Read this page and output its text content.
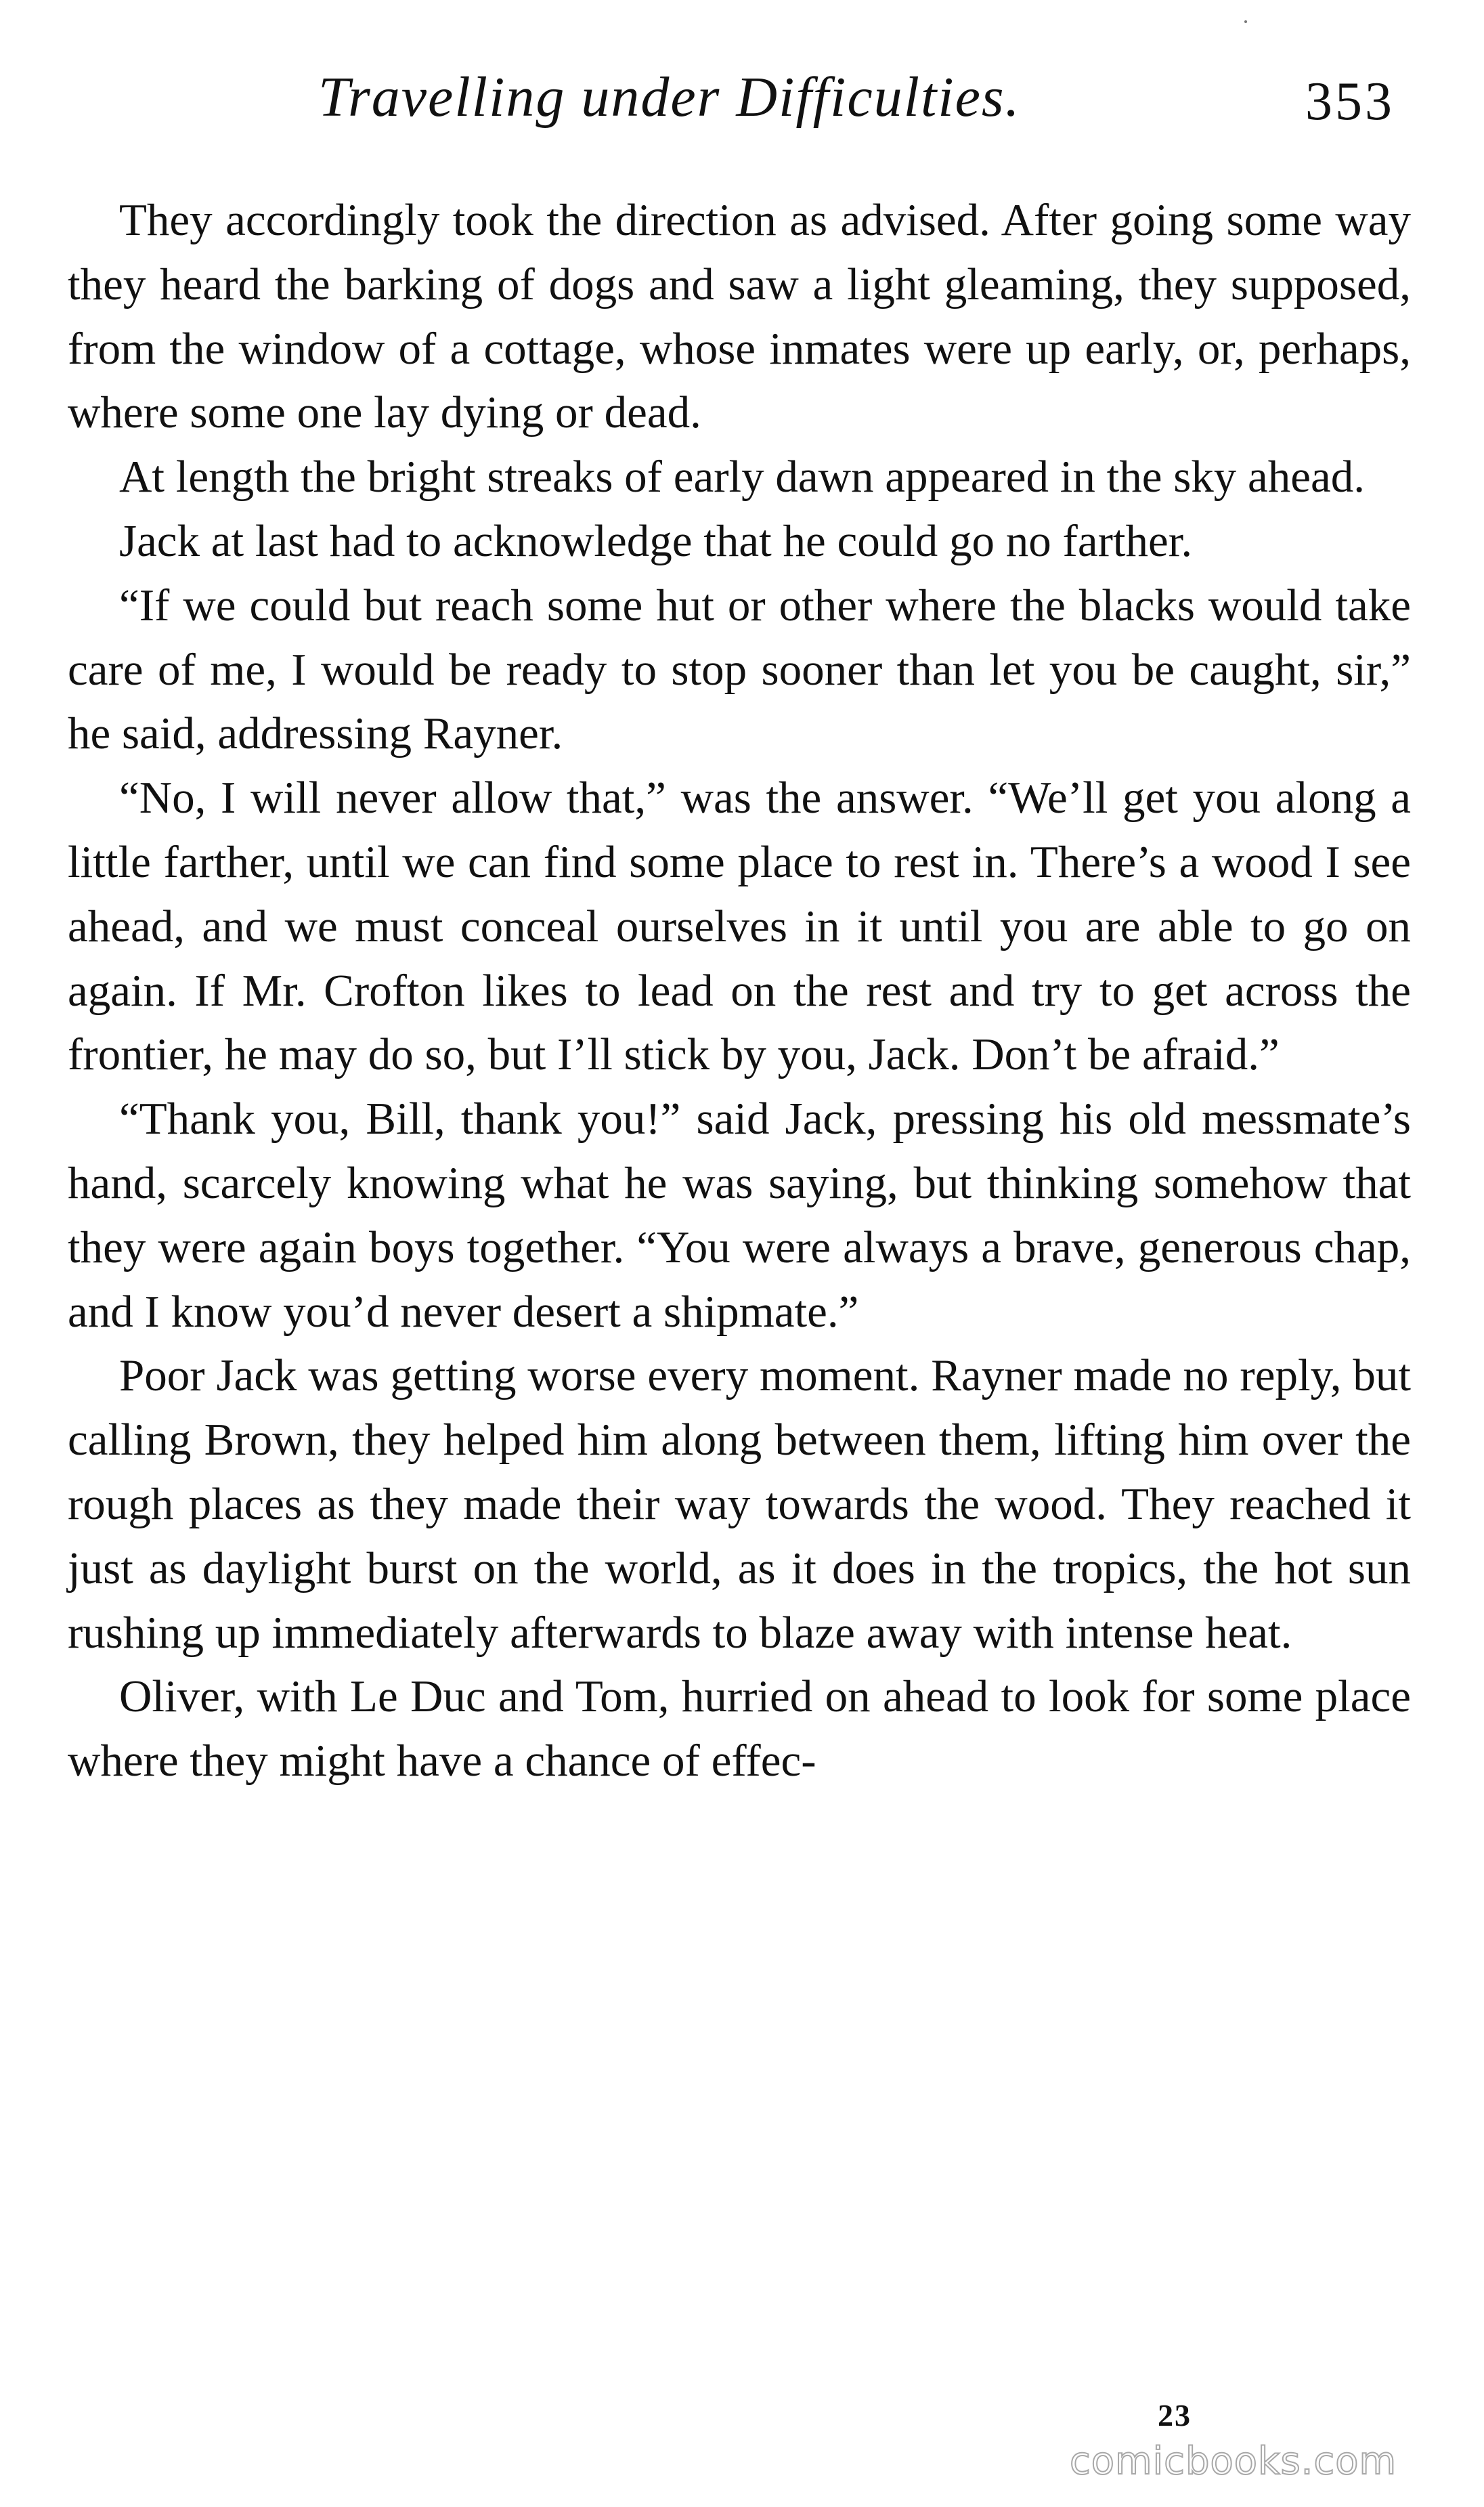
Travelling under Difficulties.	353

They accordingly took the direction as advised. After going some way they heard the barking of dogs and saw a light gleaming, they supposed, from the window of a cottage, whose inmates were up early, or, perhaps, where some one lay dying or dead.

At length the bright streaks of early dawn appeared in the sky ahead.

Jack at last had to acknowledge that he could go no farther.

“If we could but reach some hut or other where the blacks would take care of me, I would be ready to stop sooner than let you be caught, sir,” he said, addressing Rayner.

“No, I will never allow that,” was the answer. “We’ll get you along a little farther, until we can find some place to rest in. There’s a wood I see ahead, and we must conceal ourselves in it until you are able to go on again. If Mr. Crofton likes to lead on the rest and try to get across the frontier, he may do so, but I’ll stick by you, Jack. Don’t be afraid.”

“Thank you, Bill, thank you!” said Jack, pressing his old messmate’s hand, scarcely knowing what he was saying, but thinking somehow that they were again boys together. “You were always a brave, generous chap, and I know you’d never desert a shipmate.”

Poor Jack was getting worse every moment. Rayner made no reply, but calling Brown, they helped him along between them, lifting him over the rough places as they made their way towards the wood. They reached it just as daylight burst on the world, as it does in the tropics, the hot sun rushing up immediately afterwards to blaze away with intense heat.

Oliver, with Le Duc and Tom, hurried on ahead to look for some place where they might have a chance of effec-

23
comicbooks.com
